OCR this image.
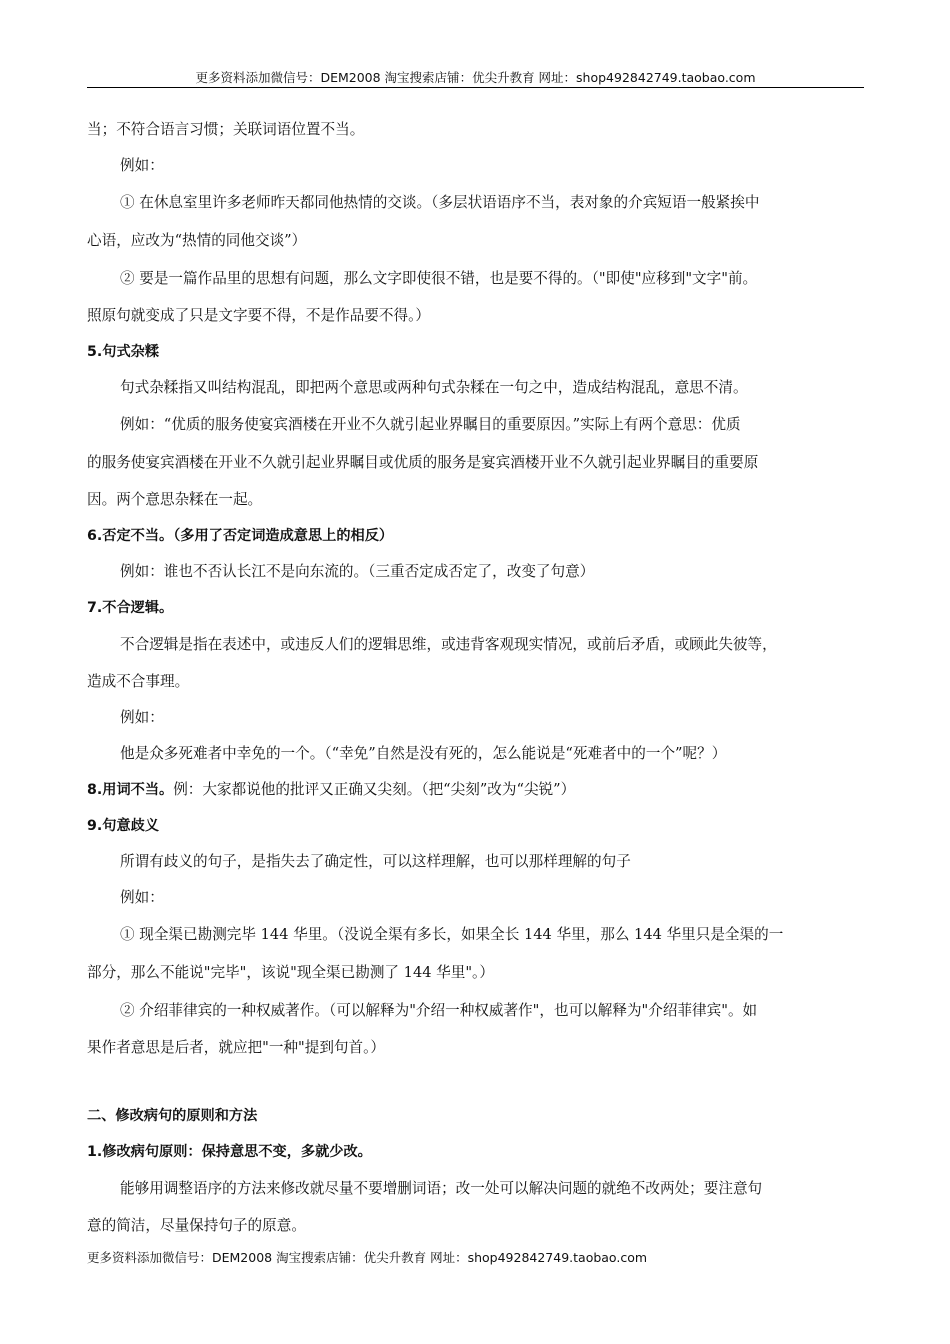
更多资料添加微信号：DEM2008 淘宝搜索店铺：优尖升教育 网址：shop492842749.taobao.com

当；不符合语言习惯；关联词语位置不当。

例如：

① 在休息室里许多老师昨天都同他热情的交谈。（多层状语语序不当，表对象的介宾短语一般紧挨中

心语，应改为“热情的同他交谈”）

② 要是一篇作品里的思想有问题，那么文字即使很不错，也是要不得的。（"即使"应移到"文字"前。

照原句就变成了只是文字要不得，不是作品要不得。）

5.句式杂糅

句式杂糅指又叫结构混乱，即把两个意思或两种句式杂糅在一句之中，造成结构混乱，意思不清。

例如：“优质的服务使宴宾酒楼在开业不久就引起业界瞩目的重要原因。”实际上有两个意思：优质

的服务使宴宾酒楼在开业不久就引起业界瞩目或优质的服务是宴宾酒楼开业不久就引起业界瞩目的重要原

因。两个意思杂糅在一起。

6.否定不当。（多用了否定词造成意思上的相反）

例如：谁也不否认长江不是向东流的。（三重否定成否定了，改变了句意）

7.不合逻辑。

不合逻辑是指在表述中，或违反人们的逻辑思维，或违背客观现实情况，或前后矛盾，或顾此失彼等，

造成不合事理。

例如：

他是众多死难者中幸免的一个。（“幸免”自然是没有死的，怎么能说是“死难者中的一个”呢？）

8.用词不当。例：大家都说他的批评又正确又尖刻。（把“尖刻”改为“尖锐”）

9.句意歧义

所谓有歧义的句子，是指失去了确定性，可以这样理解，也可以那样理解的句子

例如：

① 现全渠已勘测完毕 144 华里。（没说全渠有多长，如果全长 144 华里，那么 144 华里只是全渠的一

部分，那么不能说"完毕"，该说"现全渠已勘测了 144 华里"。）

② 介绍菲律宾的一种权威著作。（可以解释为"介绍一种权威著作"，也可以解释为"介绍菲律宾"。如

果作者意思是后者，就应把"一种"提到句首。）

二、修改病句的原则和方法

1.修改病句原则：保持意思不变，多就少改。

能够用调整语序的方法来修改就尽量不要增删词语；改一处可以解决问题的就绝不改两处；要注意句

意的简洁，尽量保持句子的原意。

更多资料添加微信号：DEM2008 淘宝搜索店铺：优尖升教育 网址：shop492842749.taobao.com
